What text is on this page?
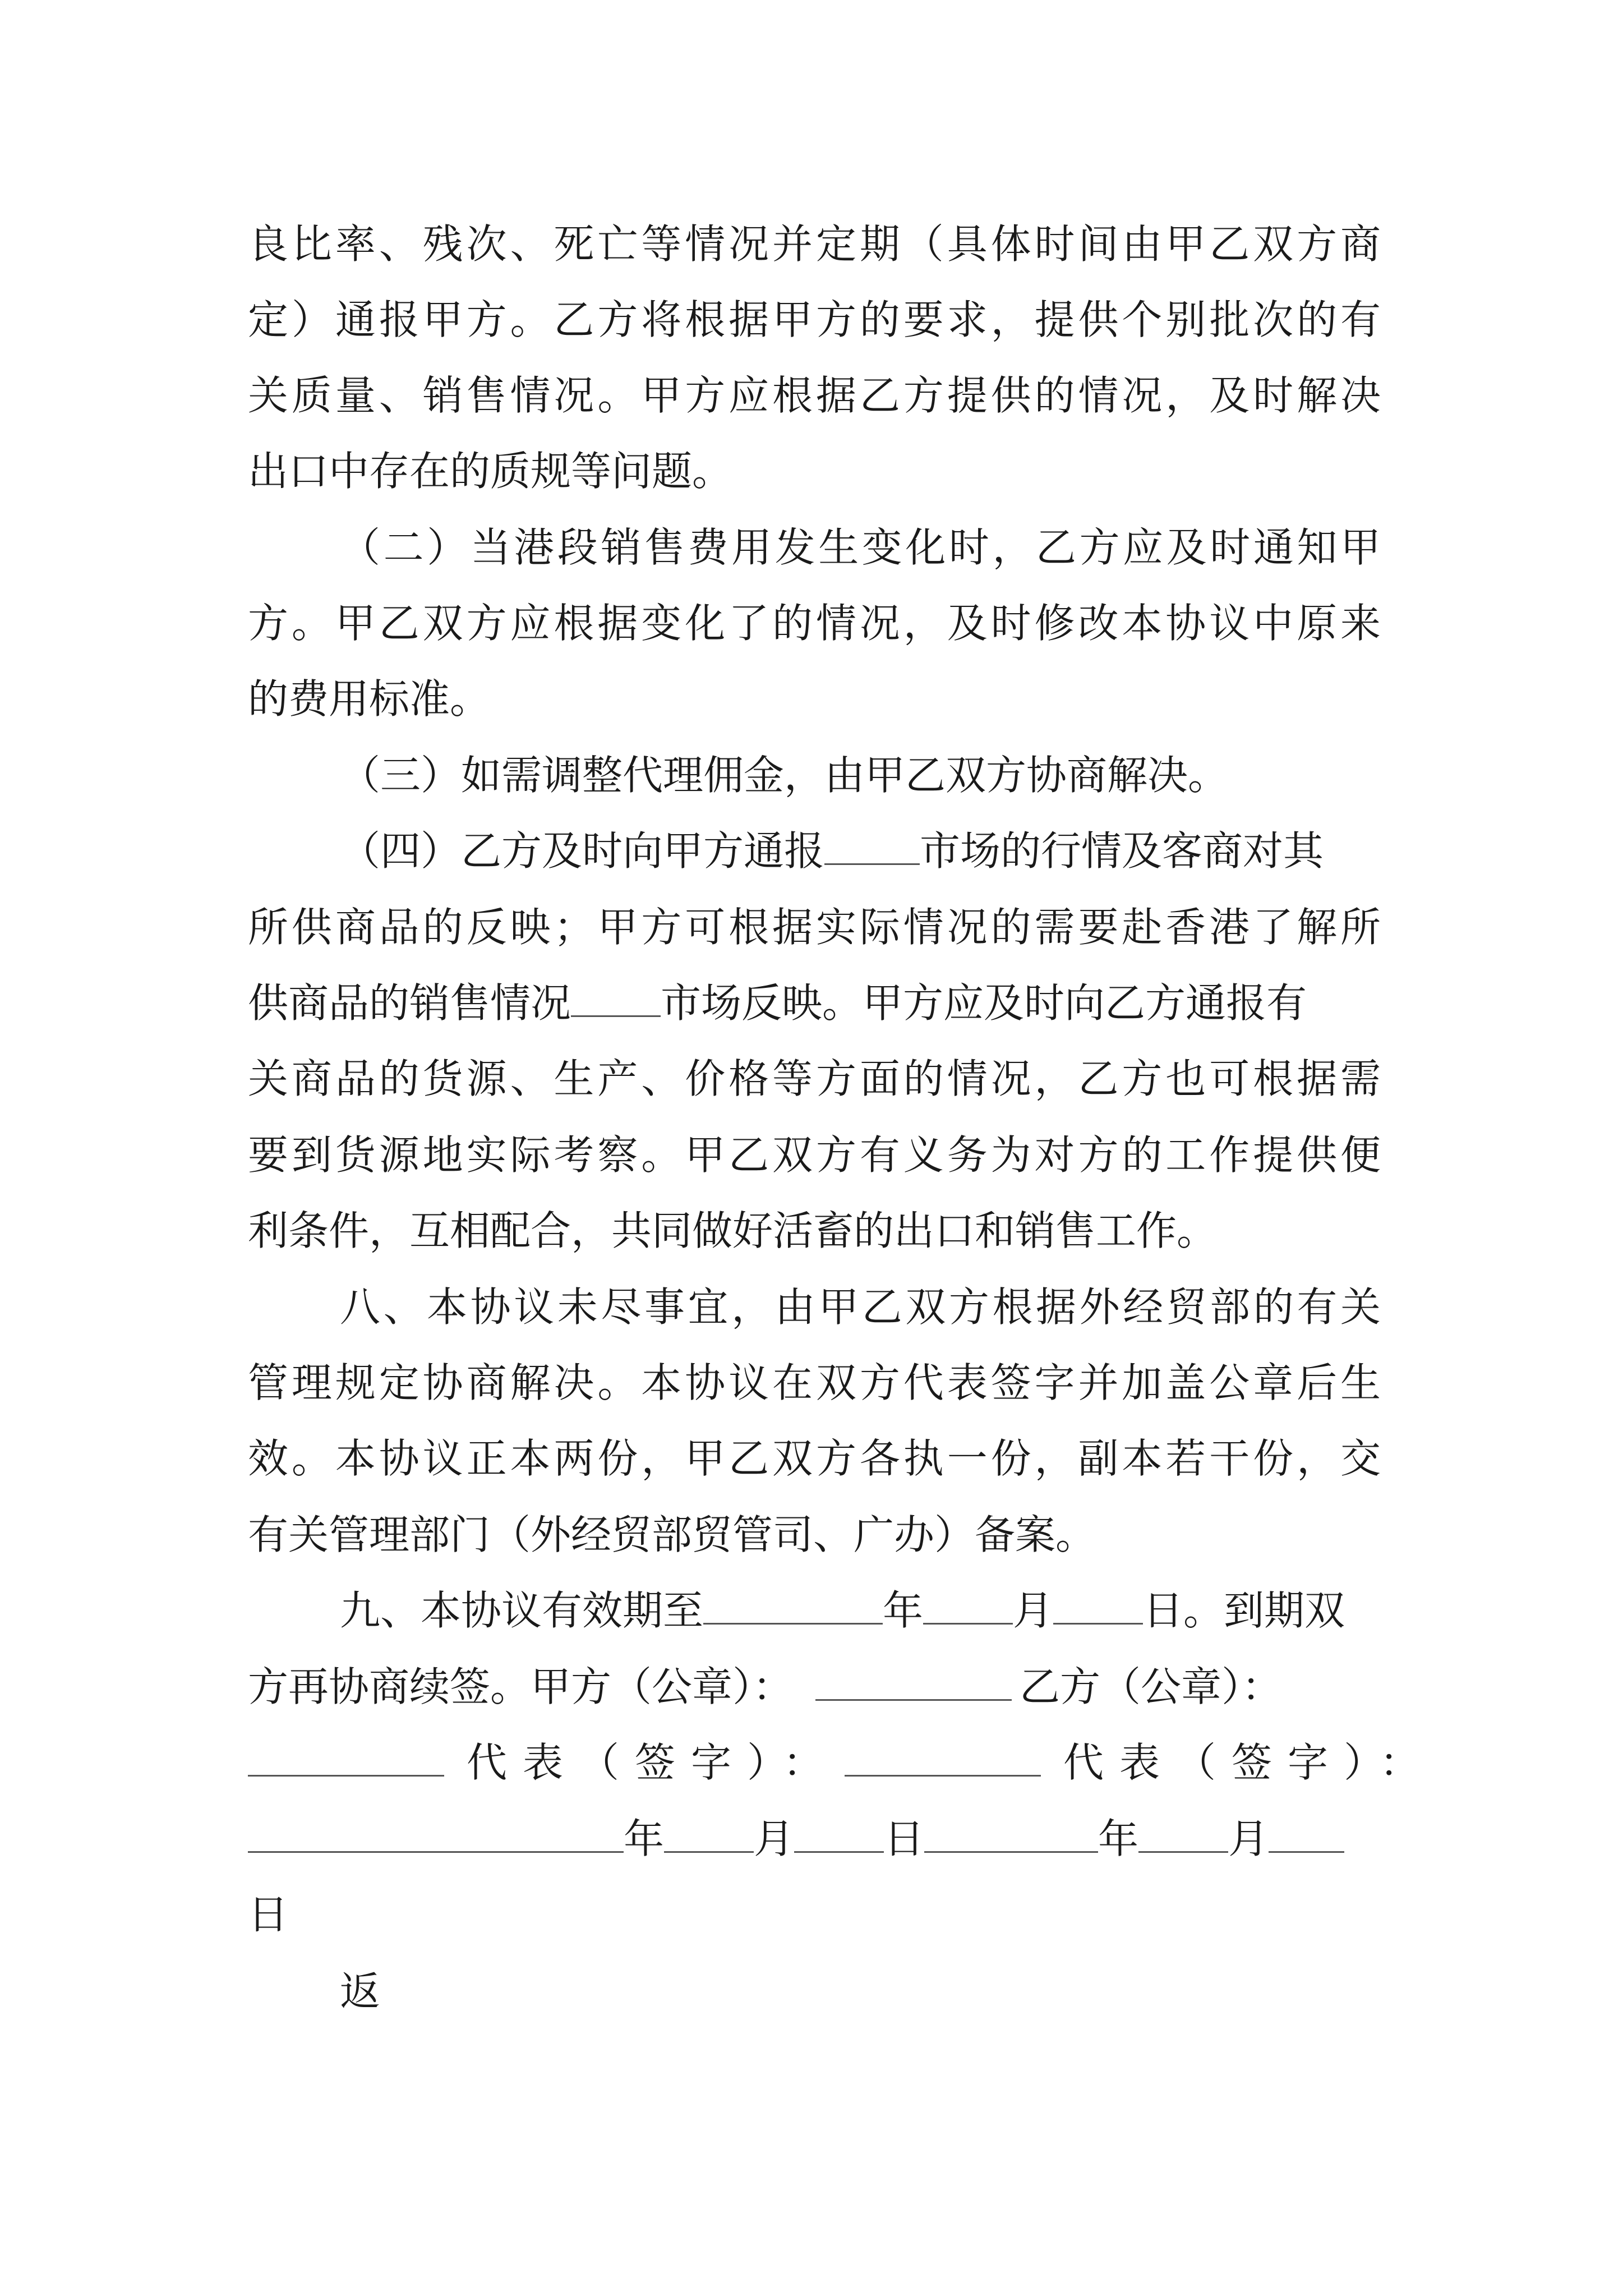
良比率、残次、死亡等情况并定期（具体时间由甲乙双方商
定）通报甲方。乙方将根据甲方的要求，提供个别批次的有
关质量、销售情况。甲方应根据乙方提供的情况，及时解决
出口中存在的质规等问题。
（二）当港段销售费用发生变化时，乙方应及时通知甲
方。甲乙双方应根据变化了的情况，及时修改本协议中原来
的费用标准。
（三）如需调整代理佣金，由甲乙双方协商解决。
（四）乙方及时向甲方通报 市场的行情及客商对其
所供商品的反映；甲方可根据实际情况的需要赴香港了解所
供商品的销售情况 市场反映。甲方应及时向乙方通报有
关商品的货源、生产、价格等方面的情况，乙方也可根据需
要到货源地实际考察。甲乙双方有义务为对方的工作提供便
利条件，互相配合，共同做好活畜的出口和销售工作。
八、本协议未尽事宜，由甲乙双方根据外经贸部的有关
管理规定协商解决。本协议在双方代表签字并加盖公章后生
效。本协议正本两份，甲乙双方各执一份，副本若干份，交
有关管理部门（外经贸部贸管司、广办）备案。
九、本协议有效期至	年 月 日。到期双
方再协商续签。甲方（公章）：	乙方（公章）：
代表（签字）：	代表（签字）：
年 月 日	年 月
日
返
